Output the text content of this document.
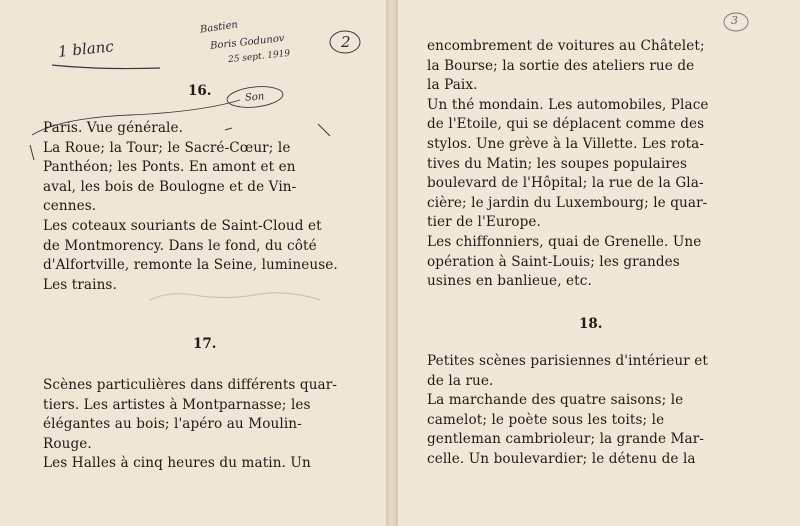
1 blanc
Bastien
Boris Godunov
25 sept. 1919
2
Son
3
16.

Paris. Vue générale.

La Roue; la Tour; le Sacré-Cœur; le

Panthéon; les Ponts. En amont et en

aval, les bois de Boulogne et de Vin-

cennes.

Les coteaux souriants de Saint-Cloud et

de Montmorency. Dans le fond, du côté

d'Alfortville, remonte la Seine, lumineuse.

Les trains.

17.

Scènes particulières dans différents quar-

tiers. Les artistes à Montparnasse; les

élégantes au bois; l'apéro au Moulin-

Rouge.

Les Halles à cinq heures du matin. Un

encombrement de voitures au Châtelet;

la Bourse; la sortie des ateliers rue de

la Paix.

Un thé mondain. Les automobiles, Place

de l'Etoile, qui se déplacent comme des

stylos. Une grève à la Villette. Les rota-

tives du Matin; les soupes populaires

boulevard de l'Hôpital; la rue de la Gla-

cière; le jardin du Luxembourg; le quar-

tier de l'Europe.

Les chiffonniers, quai de Grenelle. Une

opération à Saint-Louis; les grandes

usines en banlieue, etc.

18.

Petites scènes parisiennes d'intérieur et

de la rue.

La marchande des quatre saisons; le

camelot; le poète sous les toits; le

gentleman cambrioleur; la grande Mar-

celle. Un boulevardier; le détenu de la
